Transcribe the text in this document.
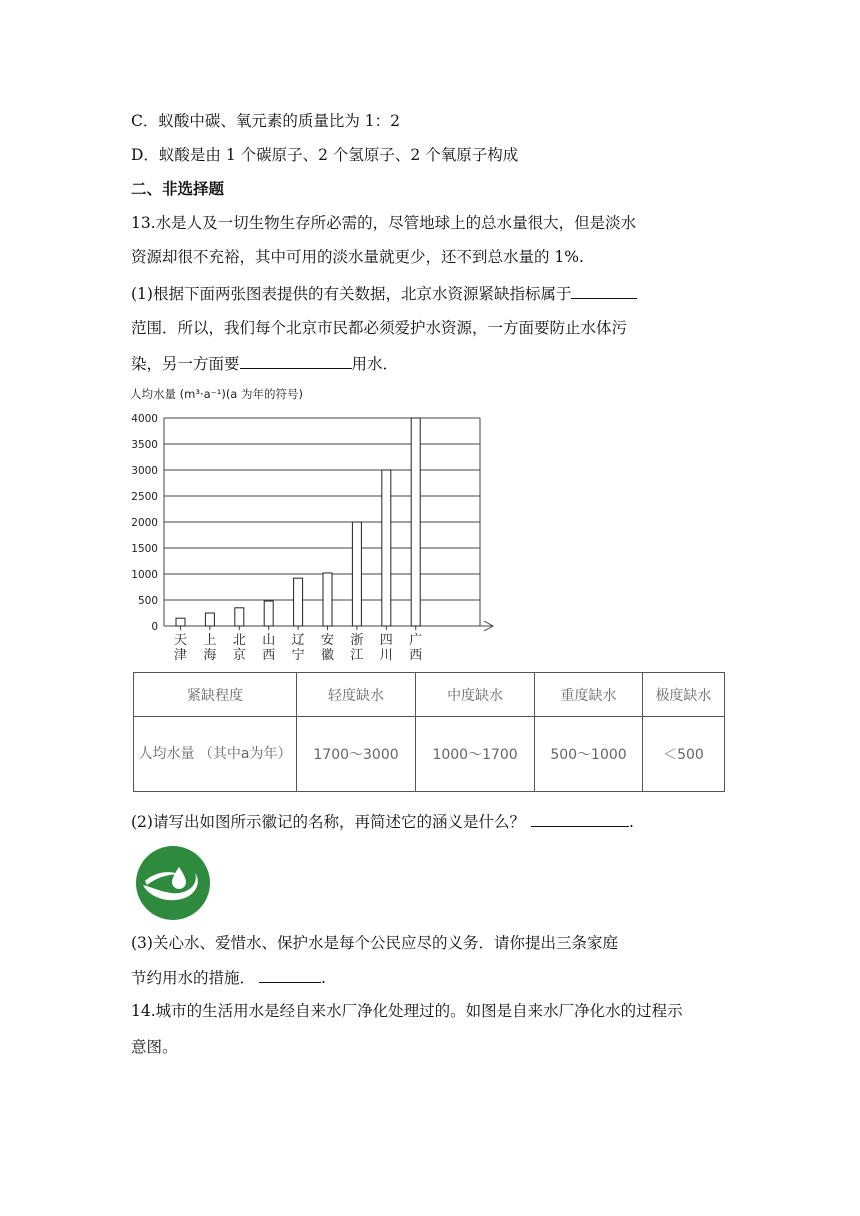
C．蚁酸中碳、氧元素的质量比为 1：2
D．蚁酸是由 1 个碳原子、2 个氢原子、2 个氧原子构成
二、非选择题
13.水是人及一切生物生存所必需的，尽管地球上的总水量很大，但是淡水
资源却很不充裕，其中可用的淡水量就更少，还不到总水量的 1%.
(1)根据下面两张图表提供的有关数据，北京水资源紧缺指标属于
范围．所以，我们每个北京市民都必须爱护水资源，一方面要防止水体污
染，另一方面要	用水．
人均水量 (m³·a⁻¹)(a 为年的符号)
0
500
1000
1500
2000
2500
3000
3500
4000
天
津
上
海
北
京
山
西
辽
宁
安
徽
浙
江
四
川
广
西
紧缺程度	轻度缺水	中度缺水	重度缺水	极度缺水
人均水量 （其中a为年）	1700～3000	1000～1700	500～1000	＜500
(2)请写出如图所示徽记的名称，再简述它的涵义是什么？	.
(3)关心水、爱惜水、保护水是每个公民应尽的义务．请你提出三条家庭
节约用水的措施．	.
14.城市的生活用水是经自来水厂净化处理过的。如图是自来水厂净化水的过程示
意图。
